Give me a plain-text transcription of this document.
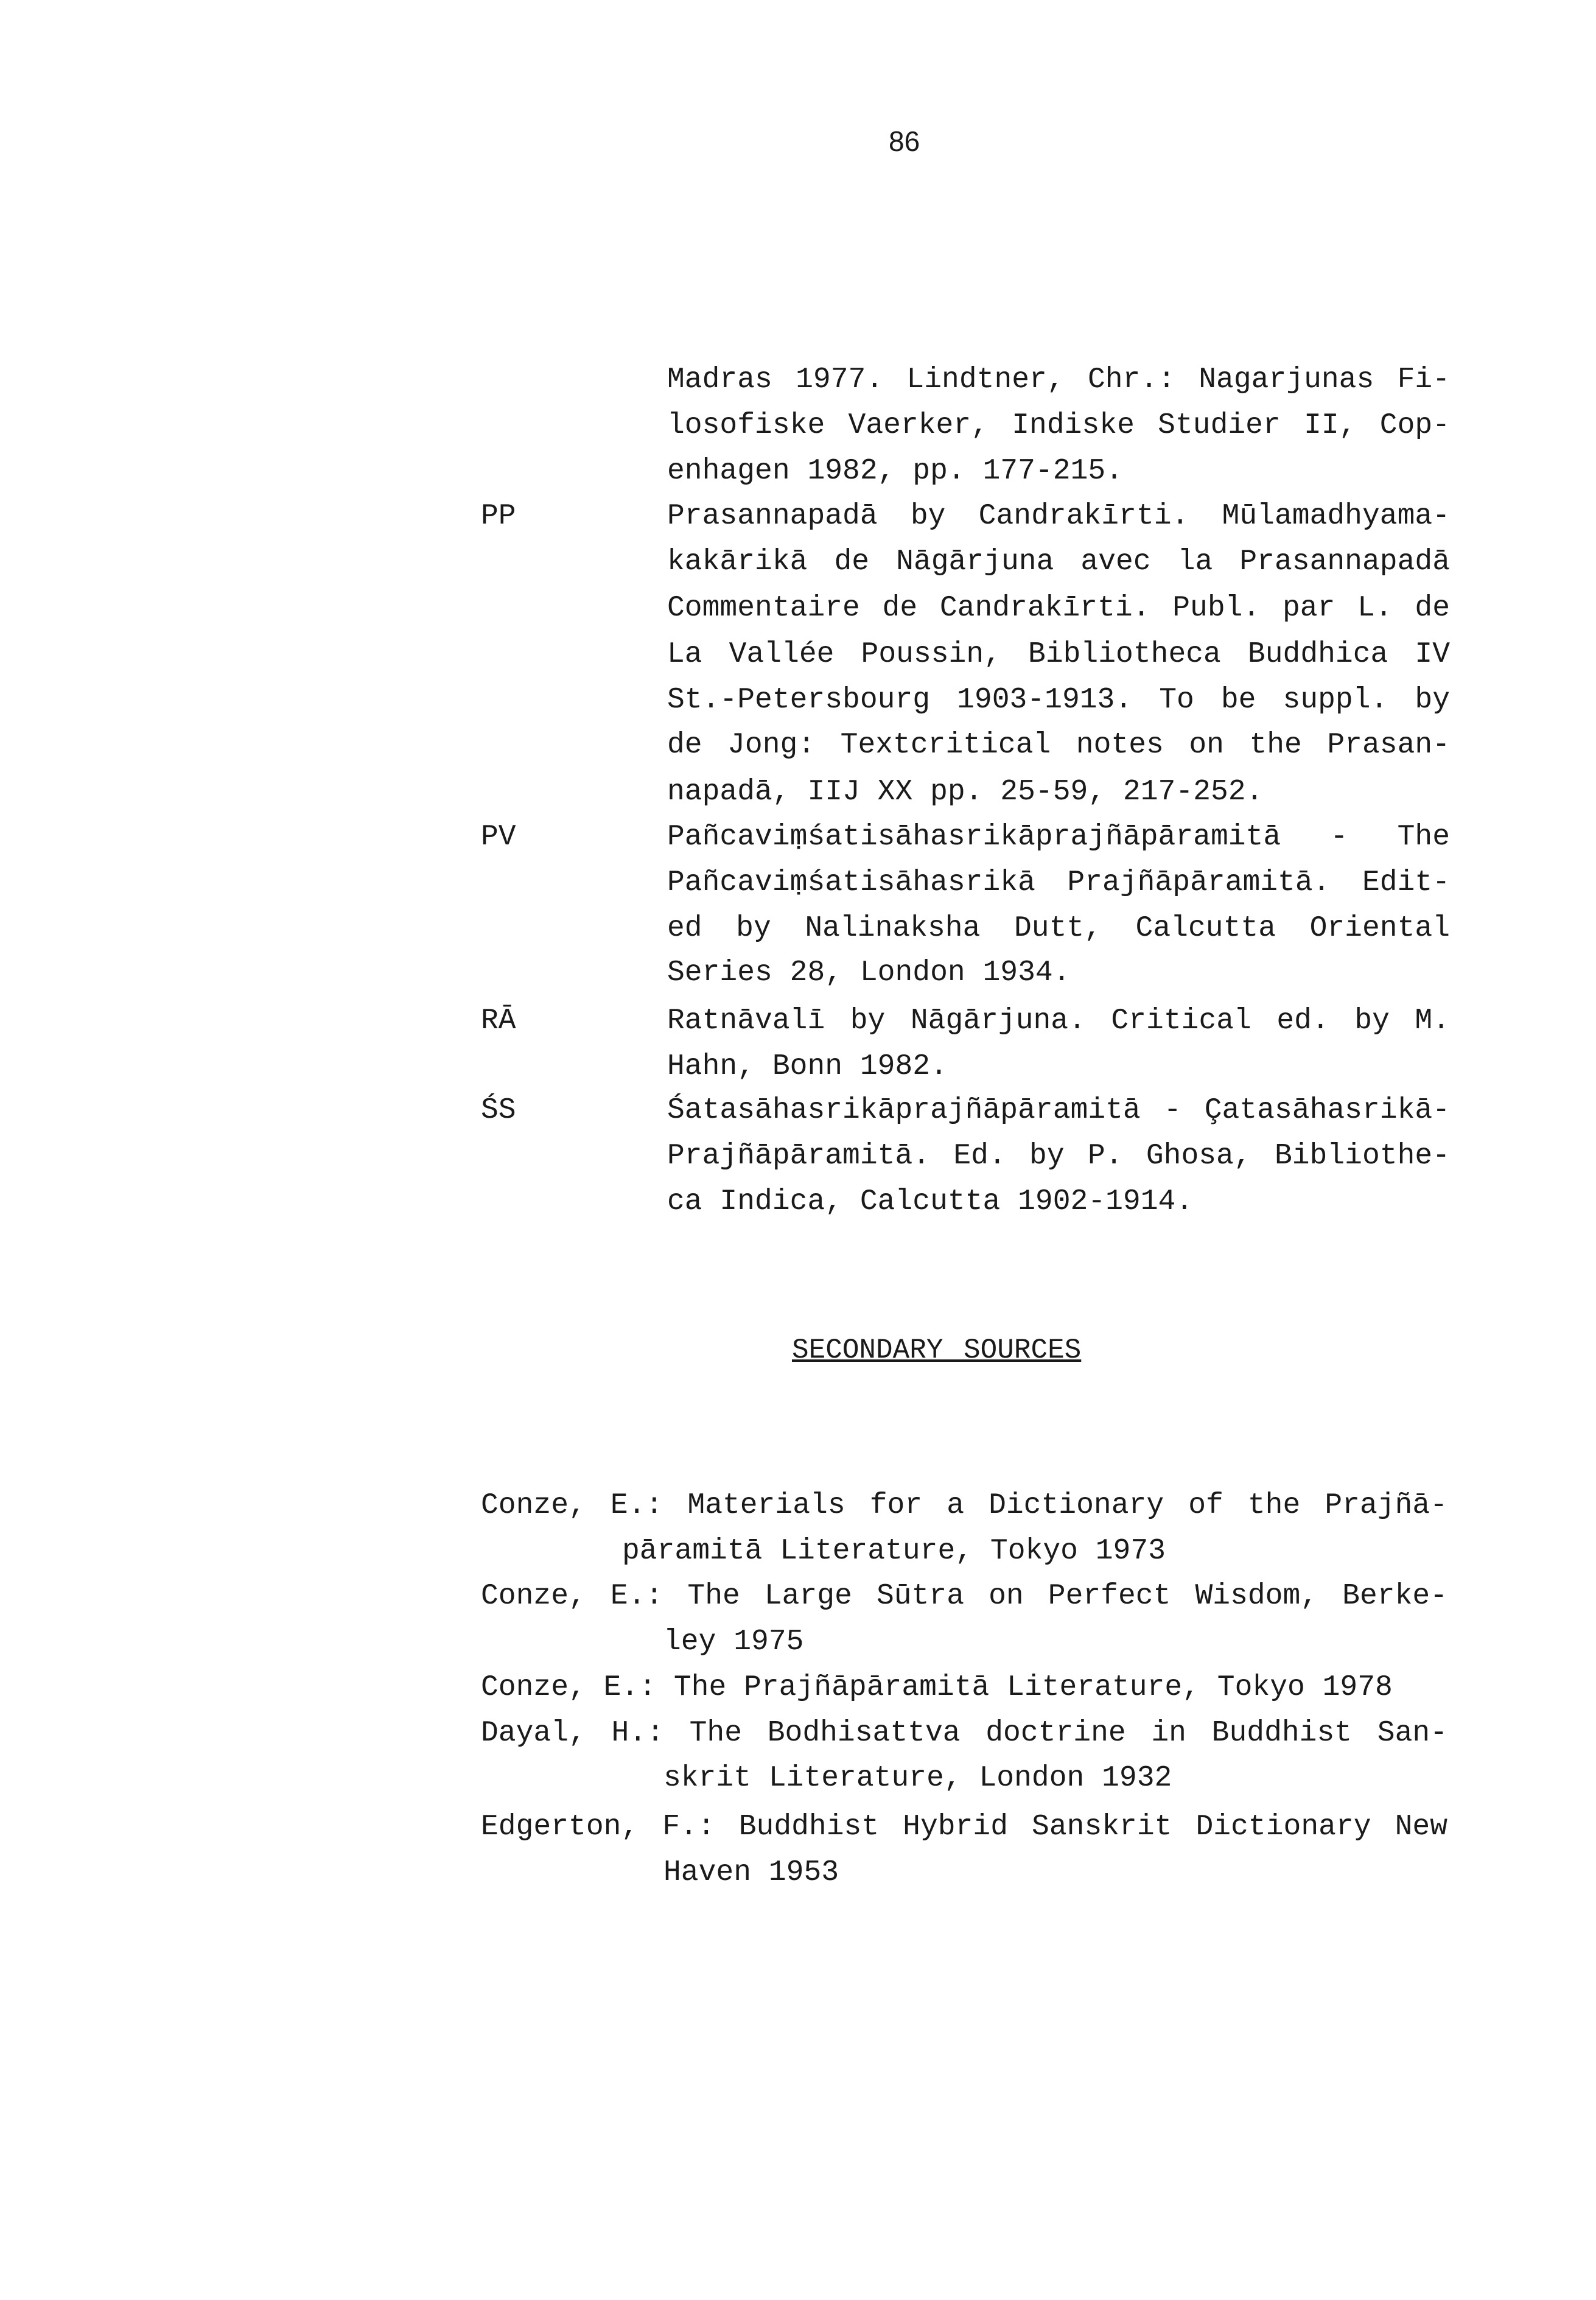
86
Madras 1977. Lindtner, Chr.: Nagarjunas Fi-
losofiske Vaerker, Indiske Studier II, Cop-
enhagen 1982, pp. 177-215.
PP	Prasannapadā by Candrakīrti. Mūlamadhyama-
kakārikā de Nāgārjuna avec la Prasannapadā
Commentaire de Candrakīrti. Publ. par L. de
La Vallée Poussin, Bibliotheca Buddhica IV
St.-Petersbourg 1903-1913. To be suppl. by
de Jong: Textcritical notes on the Prasan-
napadā, IIJ XX pp. 25-59, 217-252.
PV	Pañcaviṃśatisāhasrikāprajñāpāramitā - The
Pañcaviṃśatisāhasrikā Prajñāpāramitā. Edit-
ed by Nalinaksha Dutt, Calcutta Oriental
Series 28, London 1934.
RĀ	Ratnāvalī by Nāgārjuna. Critical ed. by M.
Hahn, Bonn 1982.
ŚS	Śatasāhasrikāprajñāpāramitā - Çatasāhasrikā-
Prajñāpāramitā. Ed. by P. Ghosa, Bibliothe-
ca Indica, Calcutta 1902-1914.
SECONDARY SOURCES
Conze, E.: Materials for a Dictionary of the Prajñā-
pāramitā Literature, Tokyo 1973
Conze, E.: The Large Sūtra on Perfect Wisdom, Berke-
ley 1975
Conze, E.: The Prajñāpāramitā Literature, Tokyo 1978
Dayal, H.: The Bodhisattva doctrine in Buddhist San-
skrit Literature, London 1932
Edgerton, F.: Buddhist Hybrid Sanskrit Dictionary New
Haven 1953
